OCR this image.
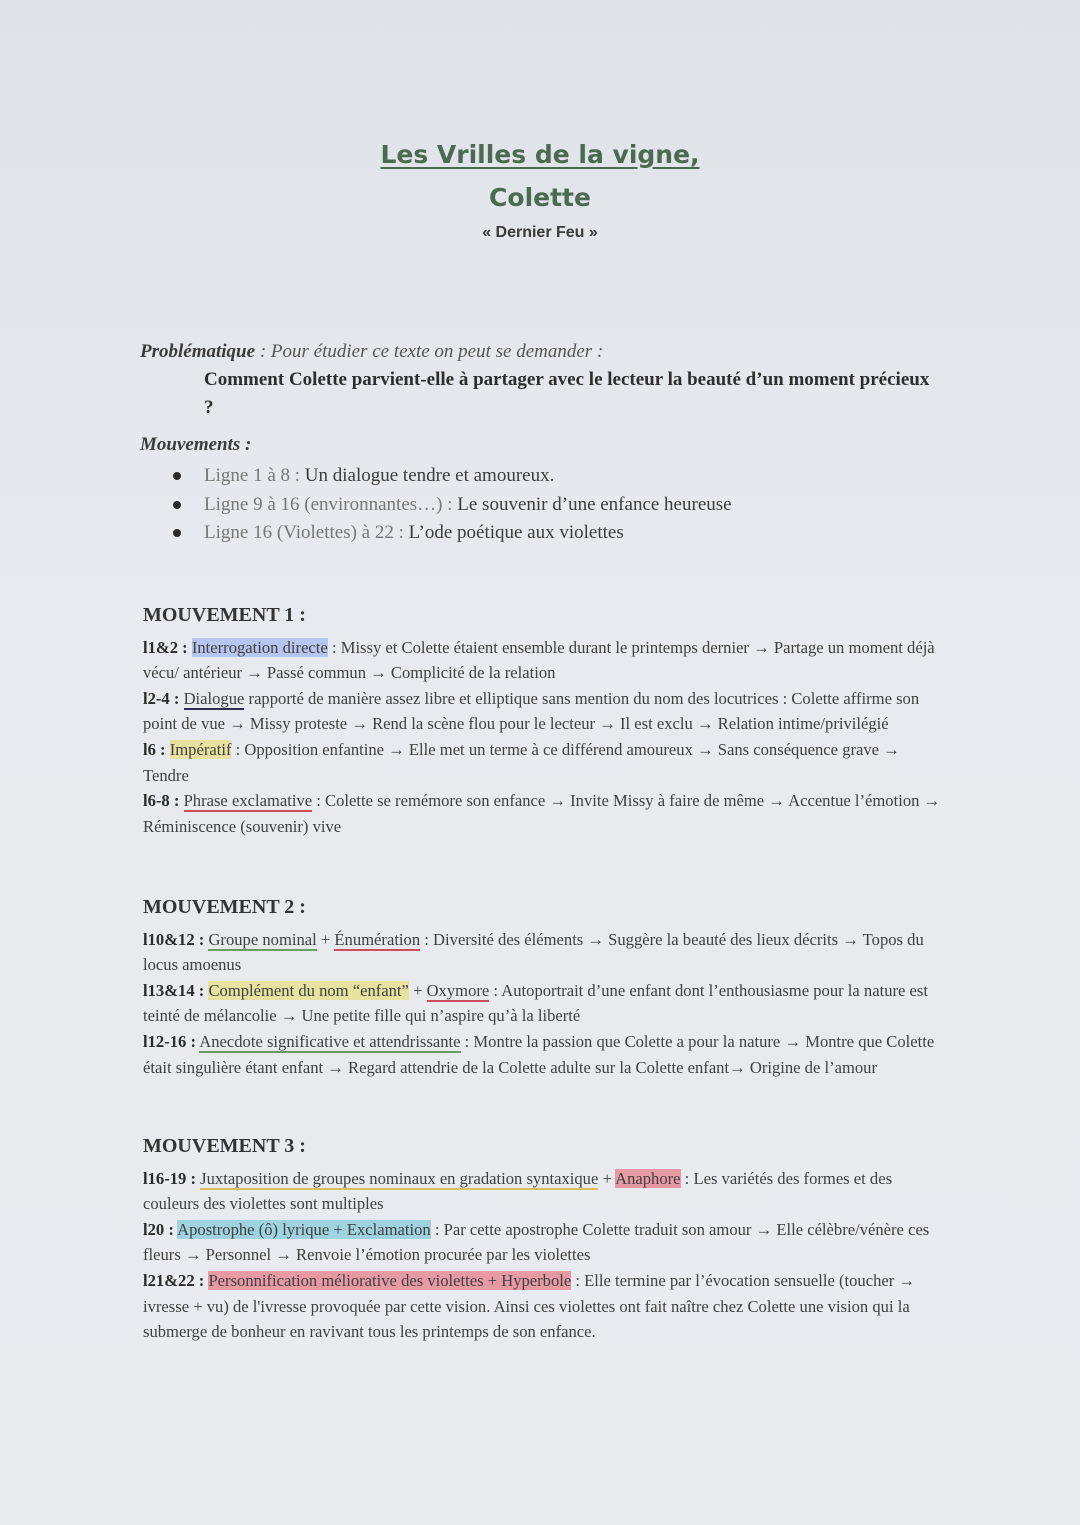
Les Vrilles de la vigne,
Colette
« Dernier Feu »
Problématique : Pour étudier ce texte on peut se demander :
Comment Colette parvient-elle à partager avec le lecteur la beauté d’un moment précieux ?
Mouvements :
Ligne 1 à 8 : Un dialogue tendre et amoureux.
Ligne 9 à 16 (environnantes…) : Le souvenir d’une enfance heureuse
Ligne 16 (Violettes) à 22 : L’ode poétique aux violettes
MOUVEMENT 1 :

l1&2 : Interrogation directe : Missy et Colette étaient ensemble durant le printemps dernier → Partage un moment déjà vécu/ antérieur → Passé commun → Complicité de la relation

l2-4 : Dialogue rapporté de manière assez libre et elliptique sans mention du nom des locutrices : Colette affirme son point de vue → Missy proteste → Rend la scène flou pour le lecteur → Il est exclu → Relation intime/privilégié

l6 : Impératif : Opposition enfantine → Elle met un terme à ce différend amoureux → Sans conséquence grave → Tendre

l6-8 : Phrase exclamative : Colette se remémore son enfance → Invite Missy à faire de même → Accentue l’émotion → Réminiscence (souvenir) vive

MOUVEMENT 2 :

l10&12 : Groupe nominal + Énumération : Diversité des éléments → Suggère la beauté des lieux décrits → Topos du locus amoenus

l13&14 : Complément du nom “enfant” + Oxymore : Autoportrait d’une enfant dont l’enthousiasme pour la nature est teinté de mélancolie → Une petite fille qui n’aspire qu’à la liberté

l12-16 : Anecdote significative et attendrissante : Montre la passion que Colette a pour la nature → Montre que Colette était singulière étant enfant → Regard attendrie de la Colette adulte sur la Colette enfant→ Origine de l’amour

MOUVEMENT 3 :

l16-19 : Juxtaposition de groupes nominaux en gradation syntaxique + Anaphore : Les variétés des formes et des couleurs des violettes sont multiples

l20 : Apostrophe (ô) lyrique + Exclamation : Par cette apostrophe Colette traduit son amour → Elle célèbre/vénère ces fleurs → Personnel → Renvoie l’émotion procurée par les violettes

l21&22 : Personnification méliorative des violettes + Hyperbole : Elle termine par l’évocation sensuelle (toucher → ivresse + vu) de l'ivresse provoquée par cette vision. Ainsi ces violettes ont fait naître chez Colette une vision qui la submerge de bonheur en ravivant tous les printemps de son enfance.
